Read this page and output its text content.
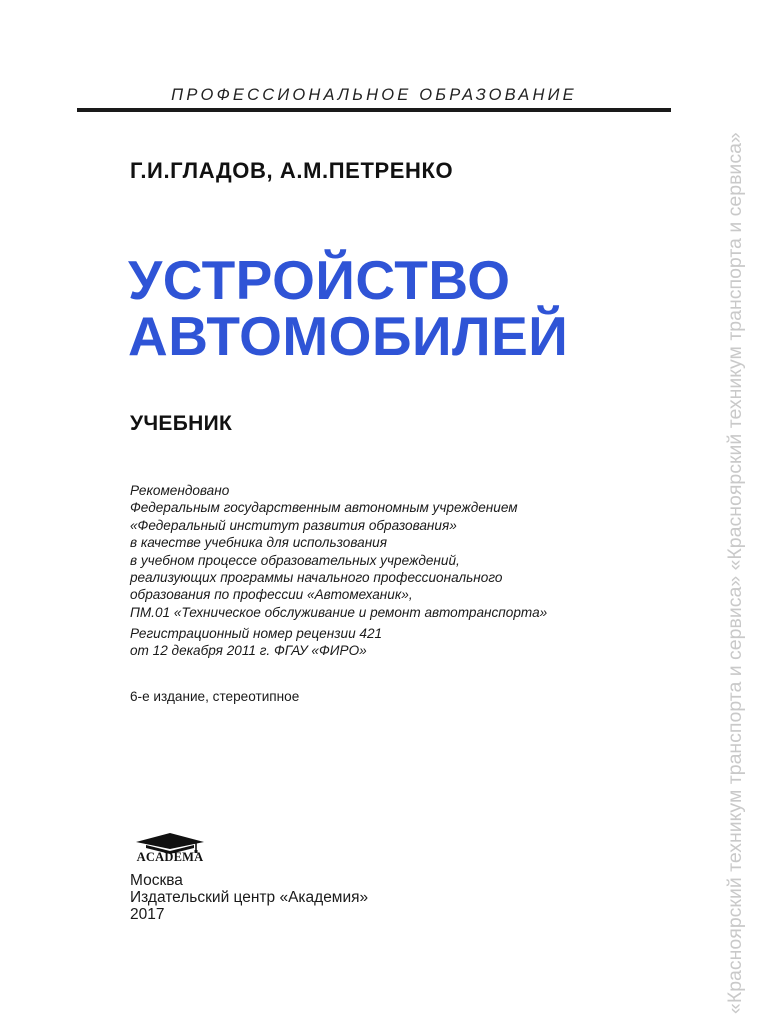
ПРОФЕССИОНАЛЬНОЕ ОБРАЗОВАНИЕ
Г.И.ГЛАДОВ, А.М.ПЕТРЕНКО
УСТРОЙСТВО
АВТОМОБИЛЕЙ
УЧЕБНИК
Рекомендовано
Федеральным государственным автономным учреждением
«Федеральный институт развития образования»
в качестве учебника для использования
в учебном процессе образовательных учреждений,
реализующих программы начального профессионального
образования по профессии «Автомеханик»,
ПМ.01 «Техническое обслуживание и ремонт автотранспорта»
Регистрационный номер рецензии 421
от 12 декабря 2011 г. ФГАУ «ФИРО»
6-е издание, стереотипное
ACADEMA
Москва
Издательский центр «Академия»
2017	«Красноярский техникум транспорта и сервиса» «Красноярский техникум транспорта и сервиса»
